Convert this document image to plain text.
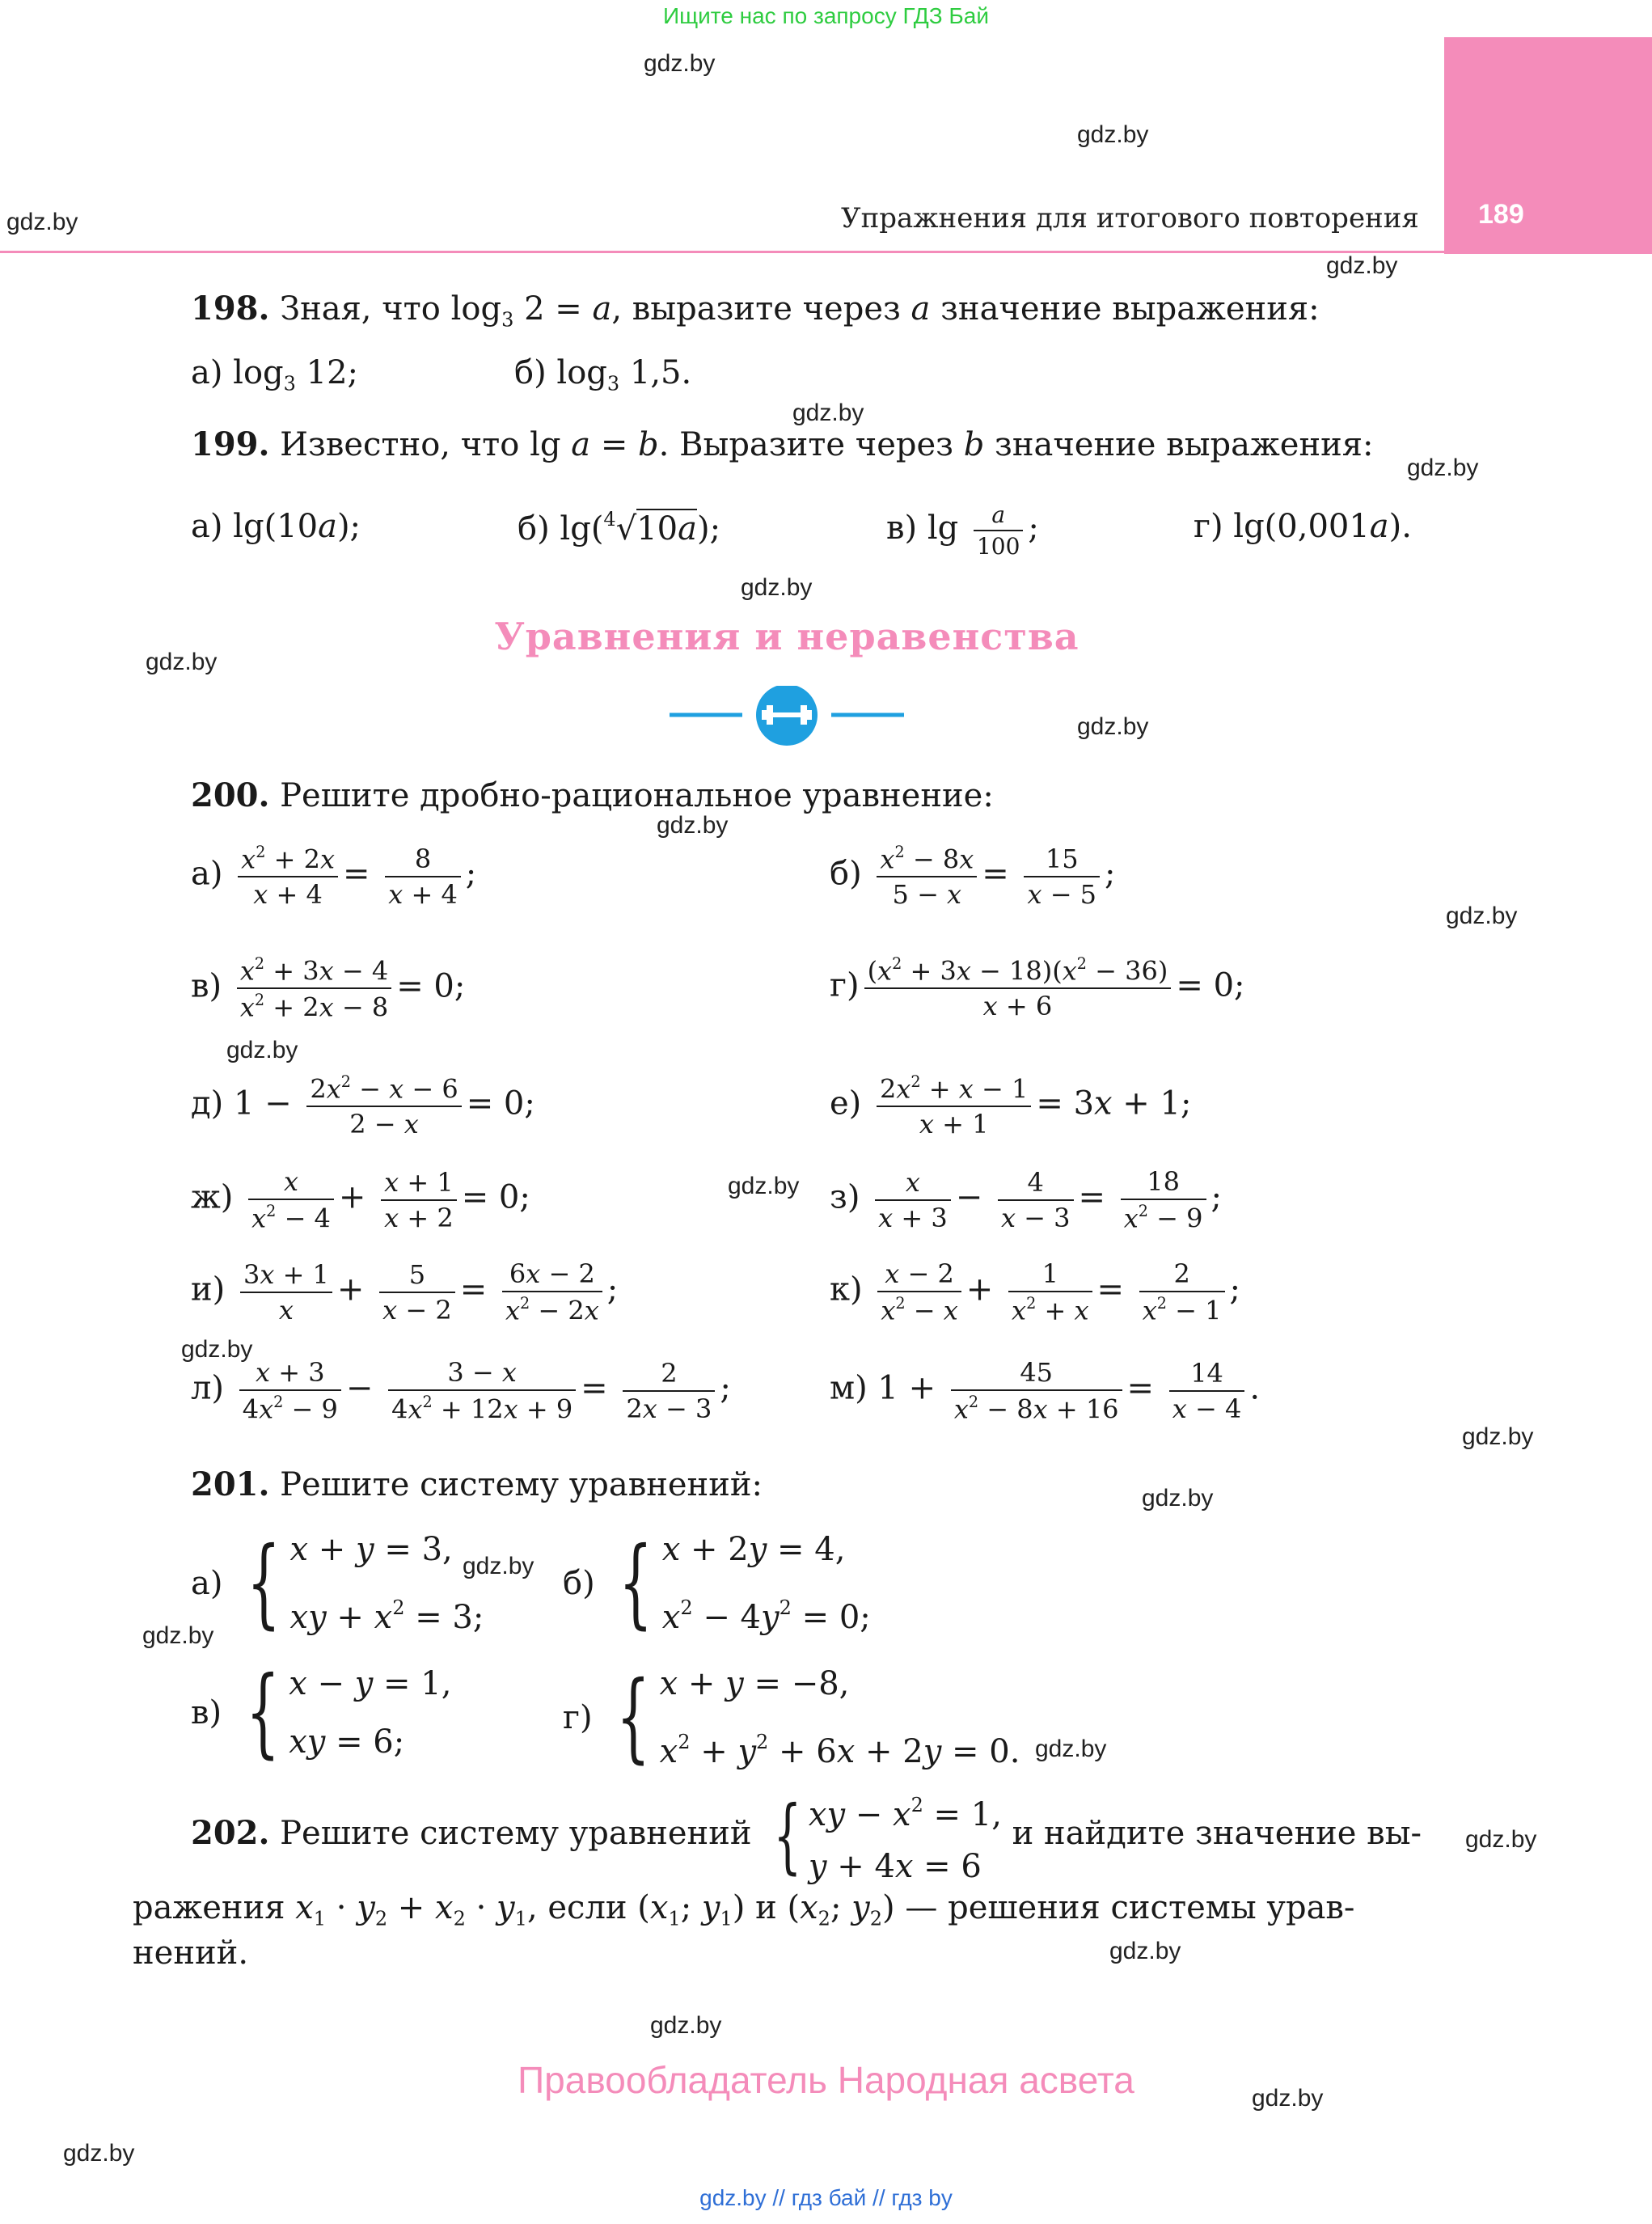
Ищите нас по запросу ГДЗ Бай
189
Упражнения для итогового повторения
gdz.by
gdz.by
gdz.by
gdz.by
gdz.by
gdz.by
gdz.by
gdz.by
gdz.by
gdz.by
gdz.by
gdz.by
gdz.by
gdz.by
gdz.by
gdz.by
gdz.by
gdz.by
gdz.by
gdz.by
gdz.by
gdz.by
gdz.by
gdz.by
198. Зная, что $\log_3 2 = a$, выразите через a значение выражения:
а) $\log_3 12$;	б) $\log_3 1,5$.
199. Известно, что lg a = b. Выразите через b значение выражения:
а) lg(10a);	б) lg($^4$√10a);	в) $\lg \frac{a}{100}$ ;	г) lg(0,001a).
Уравнения и неравенства
200. Решите дробно-рациональное уравнение:
$а) \frac{x^2 + 2x}{x + 4} = \frac{8}{x + 4}$ ;	$б) \frac{x^2 - 8x}{5 - x} = \frac{15}{x - 5}$ ;
$в) \frac{x^2 + 3x - 4}{x^2 + 2x - 8} = 0$;	$г) \frac{(x^2 + 3x - 18)(x^2 - 36)}{x + 6} = 0$;
д) $1 - \frac{2x^2 - x - 6}{2 - x} = 0$;	$е) \frac{2x^2 + x - 1}{x + 1} = 3x + 1$;
$ж) \frac{x}{x^2 - 4} + \frac{x + 1}{x + 2} = 0$;	$з) \frac{x}{x + 3} - \frac{4}{x - 3} = \frac{18}{x^2 - 9}$ ;
$и) \frac{3x + 1}{x} + \frac{5}{x - 2} = \frac{6x - 2}{x^2 - 2x}$ ;	$к) \frac{x - 2}{x^2 - x} + \frac{1}{x^2 + x} = \frac{2}{x^2 - 1}$ ;
$л) \frac{x + 3}{4x^2 - 9} - \frac{3 - x}{4x^2 + 12x + 9} = \frac{2}{2x - 3}$ ;	м) $1 + \frac{45}{x^2 - 8x + 16} = \frac{14}{x - 4}$ .
201. Решите систему уравнений:
а) { x + y = 3,
xy + $x^2 = 3$;
б) { x + 2y = 4,
$x^2 - 4y^2 = 0$;
в) { x − y = 1,
xy = 6;
г) { x + y = −8,
$x^2 + y^2 + 6x + 2y = 0$.
202. Решите систему уравнений { xy − $x^2 = 1$,
y + 4x = 6
и найдите значение вы-
ражения $x_1 \cdot y_2 + x_2 \cdot y_1$, если ($x_1$; $y_1$) и ($x_2$; $y_2$) — решения системы урав-
нений.
Правообладатель Народная асвета
gdz.by // гдз бай // гдз by
